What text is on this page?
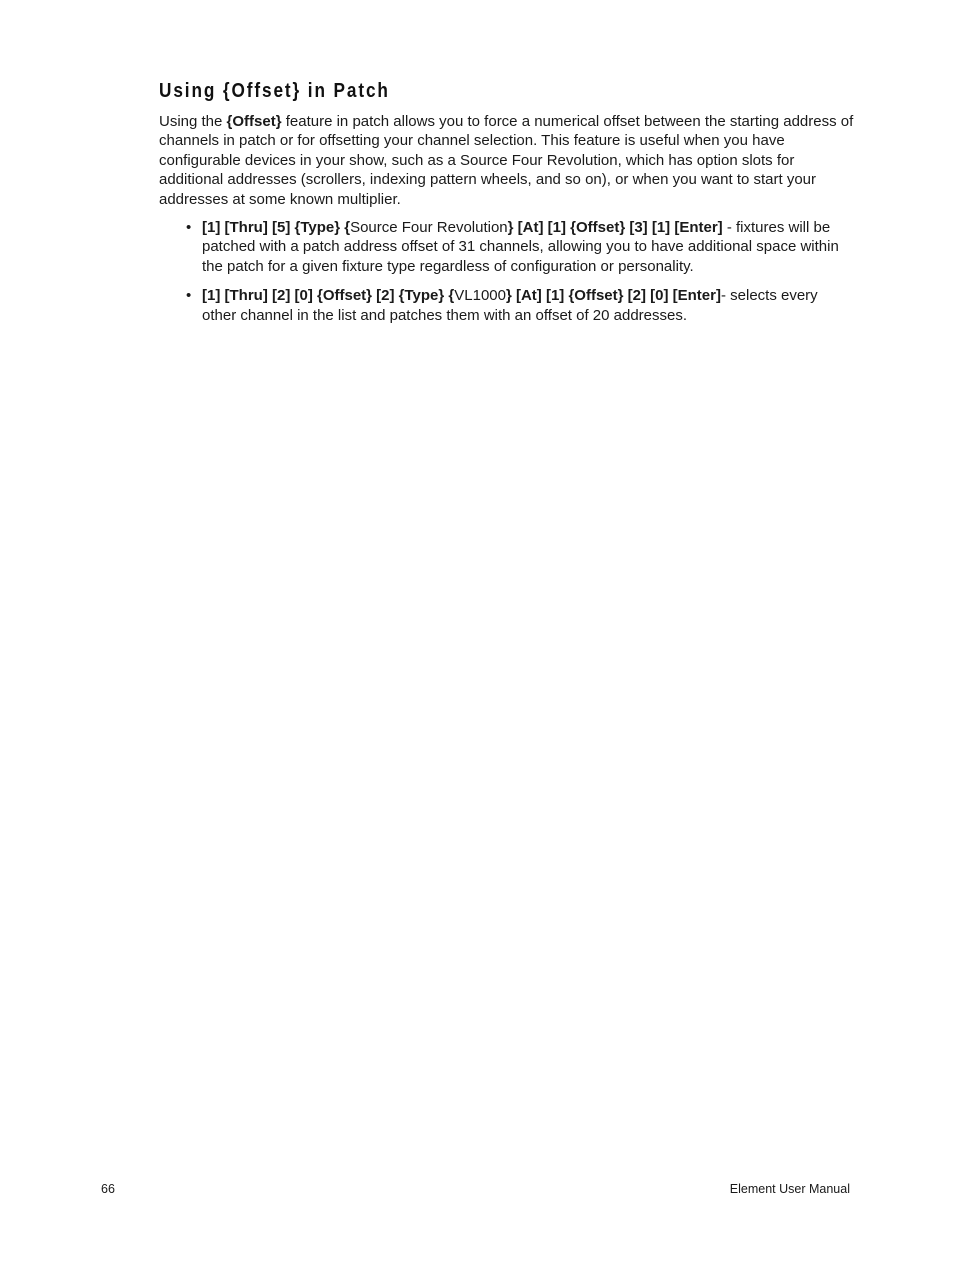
Using {Offset} in Patch

Using the {Offset} feature in patch allows you to force a numerical offset between the starting address of channels in patch or for offsetting your channel selection. This feature is useful when you have configurable devices in your show, such as a Source Four Revolution, which has option slots for additional addresses (scrollers, indexing pattern wheels, and so on), or when you want to start your addresses at some known multiplier.

• [1] [Thru] [5] {Type} {Source Four Revolution} [At] [1] {Offset} [3] [1] [Enter] - fixtures will be patched with a patch address offset of 31 channels, allowing you to have additional space within the patch for a given fixture type regardless of configuration or personality.
• [1] [Thru] [2] [0] {Offset} [2] {Type} {VL1000} [At] [1] {Offset} [2] [0] [Enter]- selects every other channel in the list and patches them with an offset of 20 addresses.
66	Element User Manual
